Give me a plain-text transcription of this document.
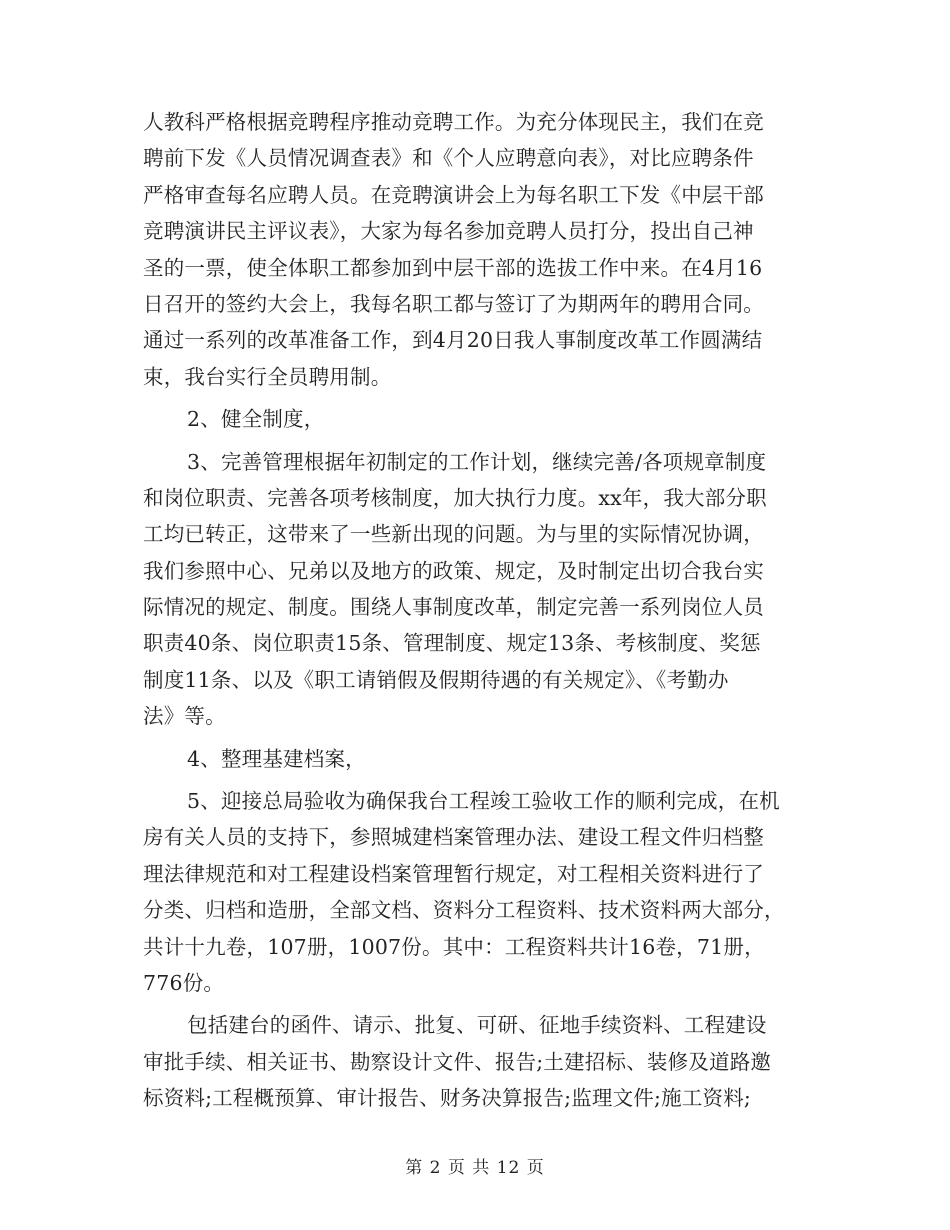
人教科严格根据竞聘程序推动竞聘工作。为充分体现民主，我们在竞
聘前下发《人员情况调查表》和《个人应聘意向表》，对比应聘条件
严格审查每名应聘人员。在竞聘演讲会上为每名职工下发《中层干部
竞聘演讲民主评议表》，大家为每名参加竞聘人员打分，投出自己神
圣的一票，使全体职工都参加到中层干部的选拔工作中来。在4月16
日召开的签约大会上，我每名职工都与签订了为期两年的聘用合同。
通过一系列的改革准备工作，到4月20日我人事制度改革工作圆满结
束，我台实行全员聘用制。
2、健全制度，
3、完善管理根据年初制定的工作计划，继续完善/各项规章制度
和岗位职责、完善各项考核制度，加大执行力度。xx年，我大部分职
工均已转正，这带来了一些新出现的问题。为与里的实际情况协调，
我们参照中心、兄弟以及地方的政策、规定，及时制定出切合我台实
际情况的规定、制度。围绕人事制度改革，制定完善一系列岗位人员
职责40条、岗位职责15条、管理制度、规定13条、考核制度、奖惩
制度11条、以及《职工请销假及假期待遇的有关规定》、《考勤办
法》等。
4、整理基建档案，
5、迎接总局验收为确保我台工程竣工验收工作的顺利完成，在机
房有关人员的支持下，参照城建档案管理办法、建设工程文件归档整
理法律规范和对工程建设档案管理暂行规定，对工程相关资料进行了
分类、归档和造册，全部文档、资料分工程资料、技术资料两大部分，
共计十九卷，107册，1007份。其中：工程资料共计16卷，71册，
776份。
包括建台的函件、请示、批复、可研、征地手续资料、工程建设
审批手续、相关证书、勘察设计文件、报告;土建招标、装修及道路邀
标资料;工程概预算、审计报告、财务决算报告;监理文件;施工资料;
第 2 页 共 12 页
